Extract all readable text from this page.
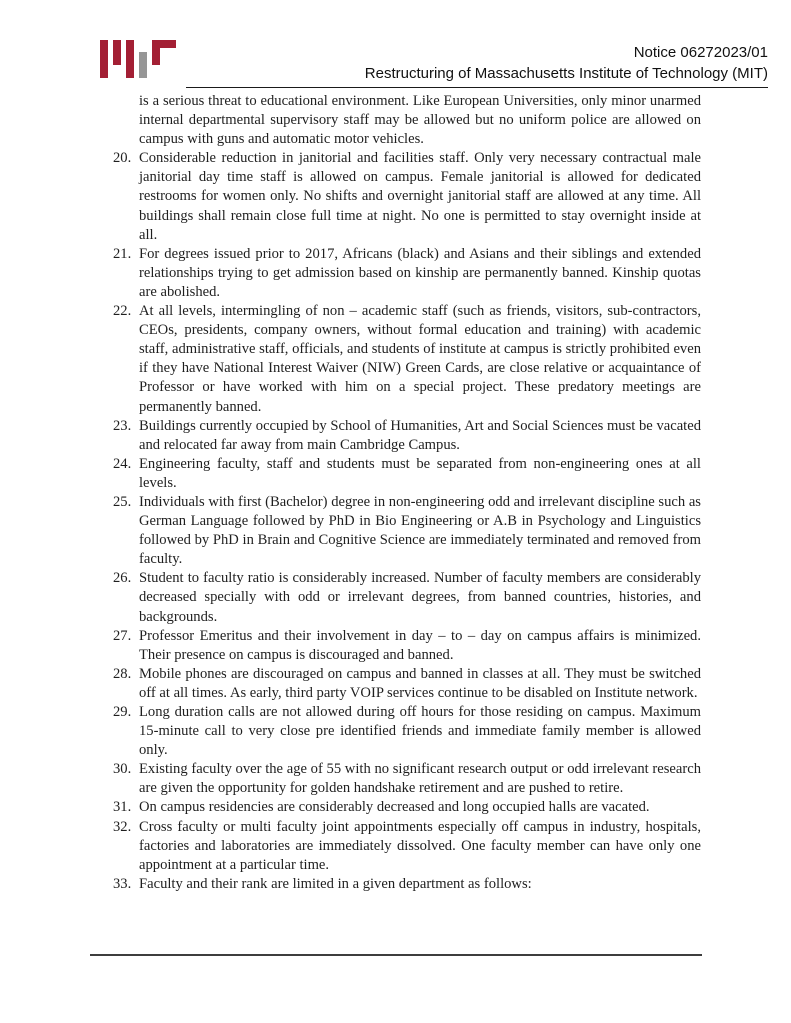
Notice 06272023/01
Restructuring of Massachusetts Institute of Technology (MIT)

is a serious threat to educational environment. Like European Universities, only minor unarmed internal departmental supervisory staff may be allowed but no uniform police are allowed on campus with guns and automatic motor vehicles.

20. Considerable reduction in janitorial and facilities staff. Only very necessary contractual male janitorial day time staff is allowed on campus. Female janitorial is allowed for dedicated restrooms for women only. No shifts and overnight janitorial staff are allowed at any time. All buildings shall remain close full time at night. No one is permitted to stay overnight inside at all.
21. For degrees issued prior to 2017, Africans (black) and Asians and their siblings and extended relationships trying to get admission based on kinship are permanently banned. Kinship quotas are abolished.
22. At all levels, intermingling of non – academic staff (such as friends, visitors, sub-contractors, CEOs, presidents, company owners, without formal education and training) with academic staff, administrative staff, officials, and students of institute at campus is strictly prohibited even if they have National Interest Waiver (NIW) Green Cards, are close relative or acquaintance of Professor or have worked with him on a special project. These predatory meetings are permanently banned.
23. Buildings currently occupied by School of Humanities, Art and Social Sciences must be vacated and relocated far away from main Cambridge Campus.
24. Engineering faculty, staff and students must be separated from non-engineering ones at all levels.
25. Individuals with first (Bachelor) degree in non-engineering odd and irrelevant discipline such as German Language followed by PhD in Bio Engineering or A.B in Psychology and Linguistics followed by PhD in Brain and Cognitive Science are immediately terminated and removed from faculty.
26. Student to faculty ratio is considerably increased. Number of faculty members are considerably decreased specially with odd or irrelevant degrees, from banned countries, histories, and backgrounds.
27. Professor Emeritus and their involvement in day – to – day on campus affairs is minimized. Their presence on campus is discouraged and banned.
28. Mobile phones are discouraged on campus and banned in classes at all. They must be switched off at all times. As early, third party VOIP services continue to be disabled on Institute network.
29. Long duration calls are not allowed during off hours for those residing on campus. Maximum 15-minute call to very close pre identified friends and immediate family member is allowed only.
30. Existing faculty over the age of 55 with no significant research output or odd irrelevant research are given the opportunity for golden handshake retirement and are pushed to retire.
31. On campus residencies are considerably decreased and long occupied halls are vacated.
32. Cross faculty or multi faculty joint appointments especially off campus in industry, hospitals, factories and laboratories are immediately dissolved. One faculty member can have only one appointment at a particular time.
33. Faculty and their rank are limited in a given department as follows:
